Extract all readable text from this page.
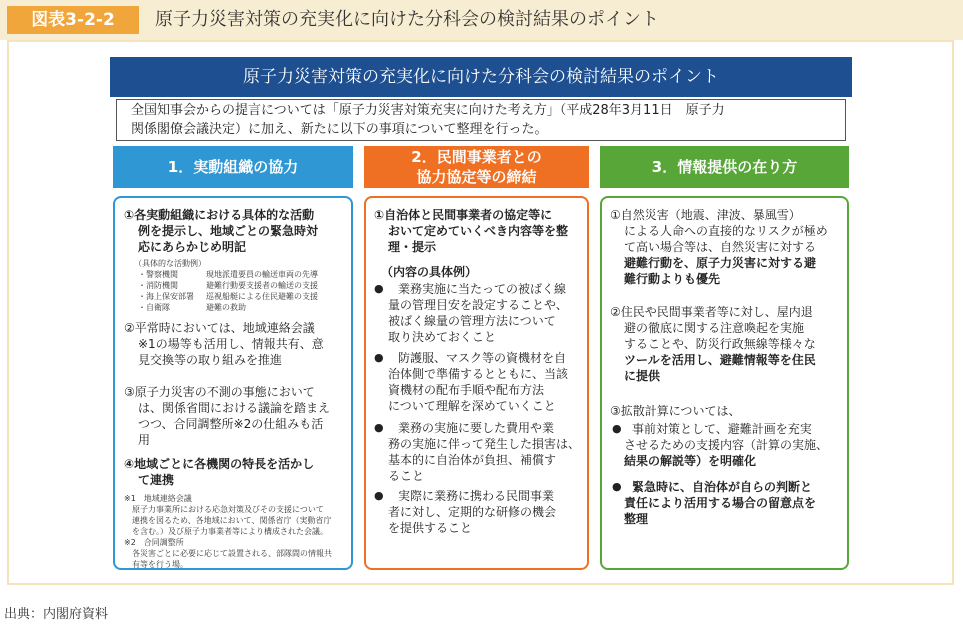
図表3-2-2	原子力災害対策の充実化に向けた分科会の検討結果のポイント
原子力災害対策の充実化に向けた分科会の検討結果のポイント
全国知事会からの提言については「原子力災害対策充実に向けた考え方」（平成28年3月11日　原子力
関係閣僚会議決定）に加え、新たに以下の事項について整理を行った。
1．実動組織の協力
2．民間事業者との
協力協定等の締結
3．情報提供の在り方
①各実動組織における具体的な活動
例を提示し、地域ごとの緊急時対
応にあらかじめ明記
（具体的な活動例）
・警察機関	現地派遣要員の輸送車両の先導
・消防機関	避難行動要支援者の輸送の支援
・海上保安部署 巡視船艇による住民避難の支援
・自衛隊	避難の救助
②平常時においては、地域連絡会議
※1の場等も活用し、情報共有、意
見交換等の取り組みを推進
③原子力災害の不測の事態において
は、関係省間における議論を踏まえ
つつ、合同調整所※2の仕組みも活
用
④地域ごとに各機関の特長を活かし
て連携
※1　地域連絡会議
　原子力事業所における応急対策及びその支援について
　連携を図るため、各地域において、関係省庁（実動省庁
　を含む。）及び原子力事業者等により構成された会議。
※2　合同調整所
　各災害ごとに必要に応じて設置される、部隊間の情報共
　有等を行う場。
①自治体と民間事業者の協定等に
おいて定めていくべき内容等を整
理・提示
（内容の具体例）
● 業務実施に当たっての被ばく線
量の管理目安を設定することや、
被ばく線量の管理方法について
取り決めておくこと
● 防護服、マスク等の資機材を自
治体側で準備するとともに、当該
資機材の配布手順や配布方法
について理解を深めていくこと
● 業務の実施に要した費用や業
務の実施に伴って発生した損害は、
基本的に自治体が負担、補償す
ること
● 実際に業務に携わる民間事業
者に対し、定期的な研修の機会
を提供すること
①自然災害（地震、津波、暴風雪）
による人命への直接的なリスクが極め
て高い場合等は、自然災害に対する
避難行動を、原子力災害に対する避
難行動よりも優先
②住民や民間事業者等に対し、屋内退
避の徹底に関する注意喚起を実施
することや、防災行政無線等様々な
ツールを活用し、避難情報等を住民
に提供
③拡散計算については、
● 事前対策として、避難計画を充実
させるための支援内容（計算の実施、
結果の解説等）を明確化
● 緊急時に、自治体が自らの判断と
責任により活用する場合の留意点を
整理
出典：内閣府資料
